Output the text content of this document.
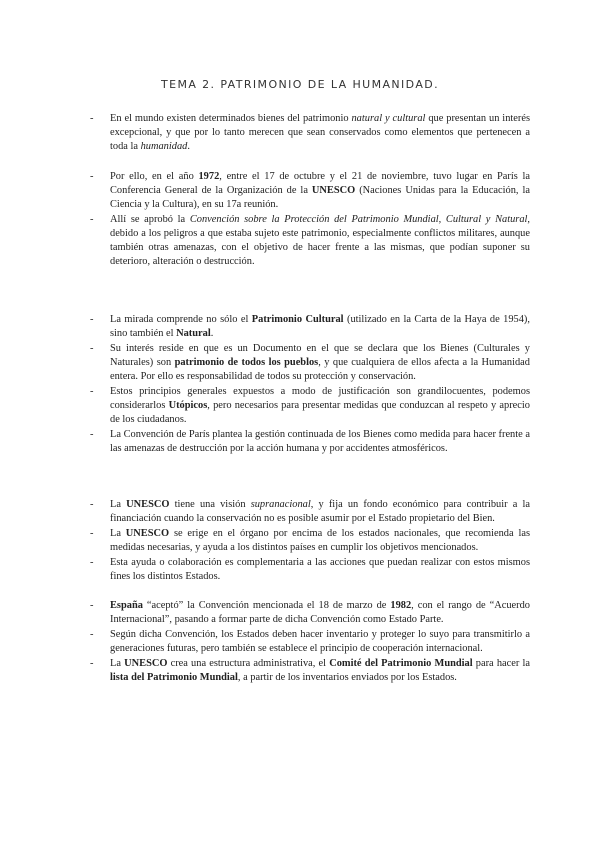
TEMA 2. PATRIMONIO DE LA HUMANIDAD.

- En el mundo existen determinados bienes del patrimonio natural y cultural que presentan un interés excepcional, y que por lo tanto merecen que sean conservados como elementos que pertenecen a toda la humanidad.

- Por ello, en el año 1972, entre el 17 de octubre y el 21 de noviembre, tuvo lugar en París la Conferencia General de la Organización de la UNESCO (Naciones Unidas para la Educación, la Ciencia y la Cultura), en su 17a reunión.

- Allí se aprobó la Convención sobre la Protección del Patrimonio Mundial, Cultural y Natural, debido a los peligros a que estaba sujeto este patrimonio, especialmente conflictos militares, aunque también otras amenazas, con el objetivo de hacer frente a las mismas, que podían suponer su deterioro, alteración o destrucción.

- La mirada comprende no sólo el Patrimonio Cultural (utilizado en la Carta de la Haya de 1954), sino también el Natural.

- Su interés reside en que es un Documento en el que se declara que los Bienes (Culturales y Naturales) son patrimonio de todos los pueblos, y que cualquiera de ellos afecta a la Humanidad entera. Por ello es responsabilidad de todos su protección y conservación.

- Estos principios generales expuestos a modo de justificación son grandilocuentes, podemos considerarlos Utópicos, pero necesarios para presentar medidas que conduzcan al respeto y aprecio de los ciudadanos.

- La Convención de París plantea la gestión continuada de los Bienes como medida para hacer frente a las amenazas de destrucción por la acción humana y por accidentes atmosféricos.

- La UNESCO tiene una visión supranacional, y fija un fondo económico para contribuir a la financiación cuando la conservación no es posible asumir por el Estado propietario del Bien.

- La UNESCO se erige en el órgano por encima de los estados nacionales, que recomienda las medidas necesarias, y ayuda a los distintos países en cumplir los objetivos mencionados.

- Esta ayuda o colaboración es complementaria a las acciones que puedan realizar con estos mismos fines los distintos Estados.

- España “aceptó” la Convención mencionada el 18 de marzo de 1982, con el rango de “Acuerdo Internacional”, pasando a formar parte de dicha Convención como Estado Parte.

- Según dicha Convención, los Estados deben hacer inventario y proteger lo suyo para transmitirlo a generaciones futuras, pero también se establece el principio de cooperación internacional.

- La UNESCO crea una estructura administrativa, el Comité del Patrimonio Mundial para hacer la lista del Patrimonio Mundial, a partir de los inventarios enviados por los Estados.
